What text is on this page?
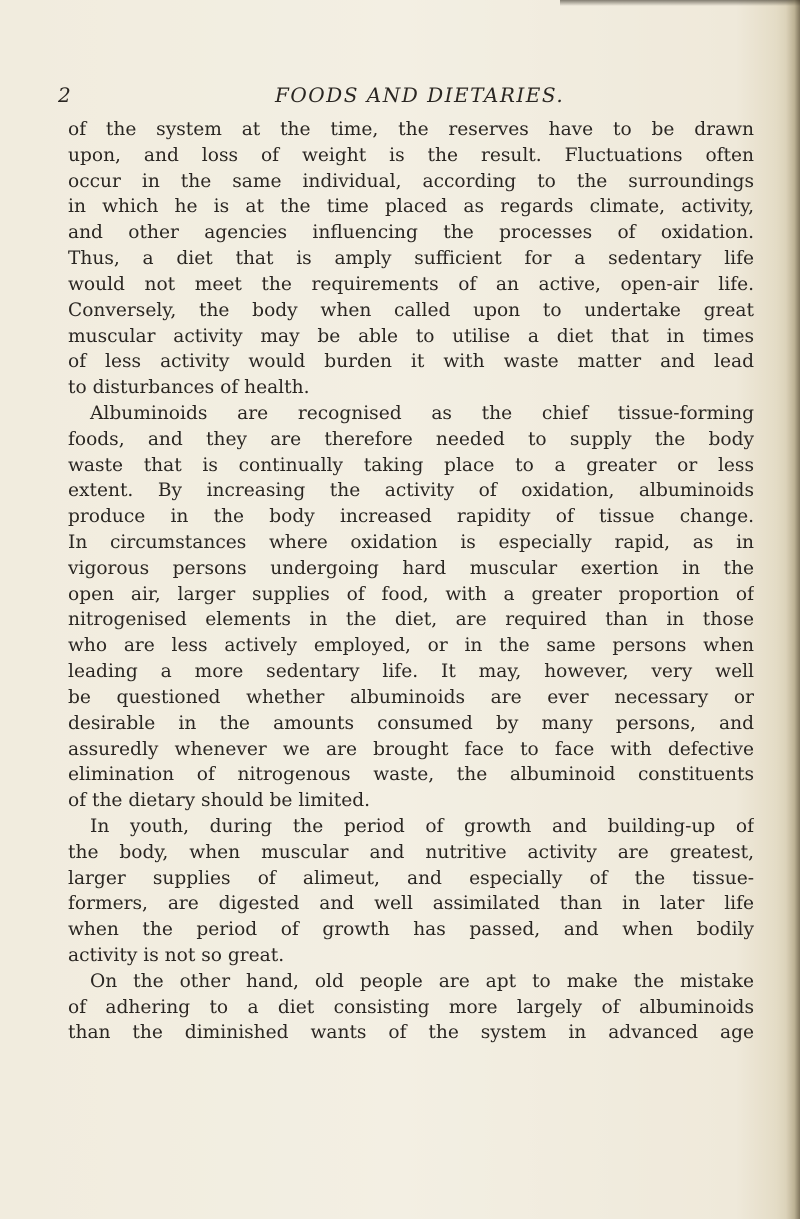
2	FOODS AND DIETARIES.
of the system at the time, the reserves have to be drawn
upon, and loss of weight is the result. Fluctuations often
occur in the same individual, according to the surroundings
in which he is at the time placed as regards climate, activity,
and other agencies influencing the processes of oxidation.
Thus, a diet that is amply sufficient for a sedentary life
would not meet the requirements of an active, open-air life.
Conversely, the body when called upon to undertake great
muscular activity may be able to utilise a diet that in times
of less activity would burden it with waste matter and lead
to disturbances of health.
Albuminoids are recognised as the chief tissue-forming
foods, and they are therefore needed to supply the body
waste that is continually taking place to a greater or less
extent. By increasing the activity of oxidation, albuminoids
produce in the body increased rapidity of tissue change.
In circumstances where oxidation is especially rapid, as in
vigorous persons undergoing hard muscular exertion in the
open air, larger supplies of food, with a greater proportion of
nitrogenised elements in the diet, are required than in those
who are less actively employed, or in the same persons when
leading a more sedentary life. It may, however, very well
be questioned whether albuminoids are ever necessary or
desirable in the amounts consumed by many persons, and
assuredly whenever we are brought face to face with defective
elimination of nitrogenous waste, the albuminoid constituents
of the dietary should be limited.
In youth, during the period of growth and building-up of
the body, when muscular and nutritive activity are greatest,
larger supplies of alimeut, and especially of the tissue-
formers, are digested and well assimilated than in later life
when the period of growth has passed, and when bodily
activity is not so great.
On the other hand, old people are apt to make the mistake
of adhering to a diet consisting more largely of albuminoids
than the diminished wants of the system in advanced age
